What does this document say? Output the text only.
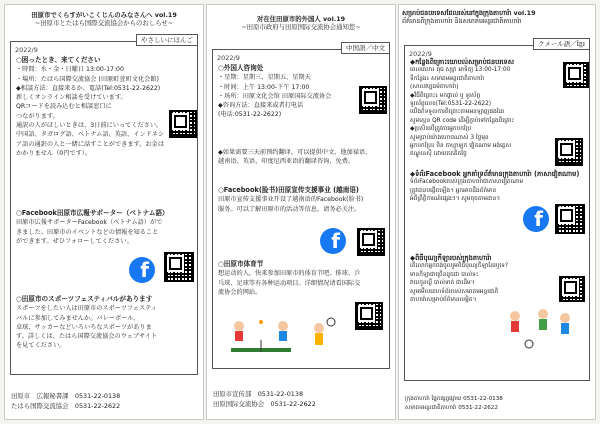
田原市でくらすがいこくじんのみなさんへ vol.19
~田原市とたはら国際交流協会からのおしらせ~
やさしいにほんご
2022/9
○困ったとき、来てください
・時間：水・金・日曜日 13:00-17:00
・場所：たはら国際交流協会 (田原町萱町文化会館)
◆相談方法：直接来るか、電話(Tel:0531-22-2622)
新しくオンライン相談を受けています。
QRコードを読み込むと相談窓口に
つながります。
通訳の人がほしいときは、3日前にいってください。
中国語、タガログ語、ベトナム語、英語、インドネシ
ア語の通訳の人と一緒に話すことができます。お金は
かかりません（0円です）。
○Facebook田原市広報サポーター（ベトナム語）
田原市広報サポーターFacebook（ベトナム語）がで
きました。田原市のイベントなどの情報を知ること
ができます。ぜひフォローしてください。
f
○田原市のスポーツフェスティバルがあります
スポーツをしたい人は田原市のスポーツフェスティ
バルに参加してみませんか。バレーボール、
卓球、サッカーなどいろいろなスポーツがありま
す。詳しくは、たはら国際交流協会のウェブサイト
を見てください。
田原市　広報秘書課　0531-22-0138
たはら国際交流協会　0531-22-2622
对在住田原市的外国人 vol.19
~田原市政府与田原国际交流协会通知您~
中国語／中文
2022/9
○外国人咨询处
・星期：星期三、星期五、星期天
・时间：上午 13:00-下午 17:00
・场所：田原文化会馆 田原国际交流协会
◆咨询方法：直接来或者打电话
(电话:0531-22-2622)
◆如果需要三天前预约翻译，可以提供中文、他加禄语、
越南语、英语、印度尼西亚语的翻译咨询，免费。
○Facebook(脸书)田原宣传支援事业 (越南语)
田原市宣传支援事业开设了越南语的Facebook(脸书)
服务。可以了解田原市的活动等信息，请务必关注。
f
○田原市体育节
想运动的人，快来参加田原市的体育节吧。排球、乒
乓球、足球等有各种运动项目。详细情况请看国际交
流协会的网站。
田原市宣传部　0531-22-0138
田原国际交流协会　0531-22-2622
សម្រាប់ជនបរទេសដែលរស់នៅក្នុងក្រុងតាហារ៉ា vol.19
ព័ត៌មានពីក្រុងតាហារ៉ា និងសមាគមអន្តរជាតិតាហារ៉ា
クメール語／ខ្មែរ
2022/9
◆កន្លែងពិគ្រោះយោបល់សម្រាប់ជនបរទេស
ពេលវេលា៖ ពុធ សុក្រ អាទិត្យ 13:00-17:00
ទីកន្លែង៖ សមាគមអន្តរជាតិតាហារ៉ា
(សាលវប្បធម៌តាហារ៉ា)
◆វិធីពិគ្រោះ៖ មកផ្ទាល់ ឬ ទូរស័ព្ទ
ទូរស័ព្ទលេខ(Tel:0531-22-2622)
យើងក៏ទទួលការពិគ្រោះតាមអនឡាញផងដែរ
សូមស្កេន QR code ដើម្បីភ្ជាប់ទៅកន្លែងពិគ្រោះ
◆ប្រសិនបើត្រូវការអ្នកបកប្រែ
សូមប្រាប់យ៉ាងហោចណាស់ 3 ថ្ងៃមុន
អ្នកបកប្រែ៖ ចិន តាហ្គាឡុក វៀតណាម អង់គ្លេស
ឥណ្ឌូនេស៊ី ដោយឥតគិតថ្លៃ
◆ទំព័រFacebook អ្នកគាំទ្រព័ត៌មានក្រុងតាហារ៉ា (ភាសាវៀតណាម)
ទំព័រFacebookរបស់ក្រុងតាហារ៉ាជាភាសាវៀតណាម
ត្រូវបានបង្កើតឡើង។ អ្នកអាចដឹងព័ត៌មាន
អំពីព្រឹត្តិការណ៍ផ្សេងៗ។ សូមចុចតាមដាន។
f
◆ពិធីបុណ្យកីឡារបស់ក្រុងតាហារ៉ា
តើលោកអ្នកចង់ចូលរួមពិធីបុណ្យកីឡាដែរឬទេ?
មានកីឡាជាច្រើនដូចជា បាល់ទះ
វាយកូនឃ្លី បាល់ទាត់ ជាដើម។
សូមមើលគេហទំព័ររបស់សមាគមអន្តរជាតិ
តាហារ៉ាសម្រាប់ព័ត៌មានលម្អិត។
ក្រុងតាហារ៉ា ផ្នែកផ្សព្វផ្សាយ 0531-22-0138
សមាគមអន្តរជាតិតាហារ៉ា 0531-22-2622
